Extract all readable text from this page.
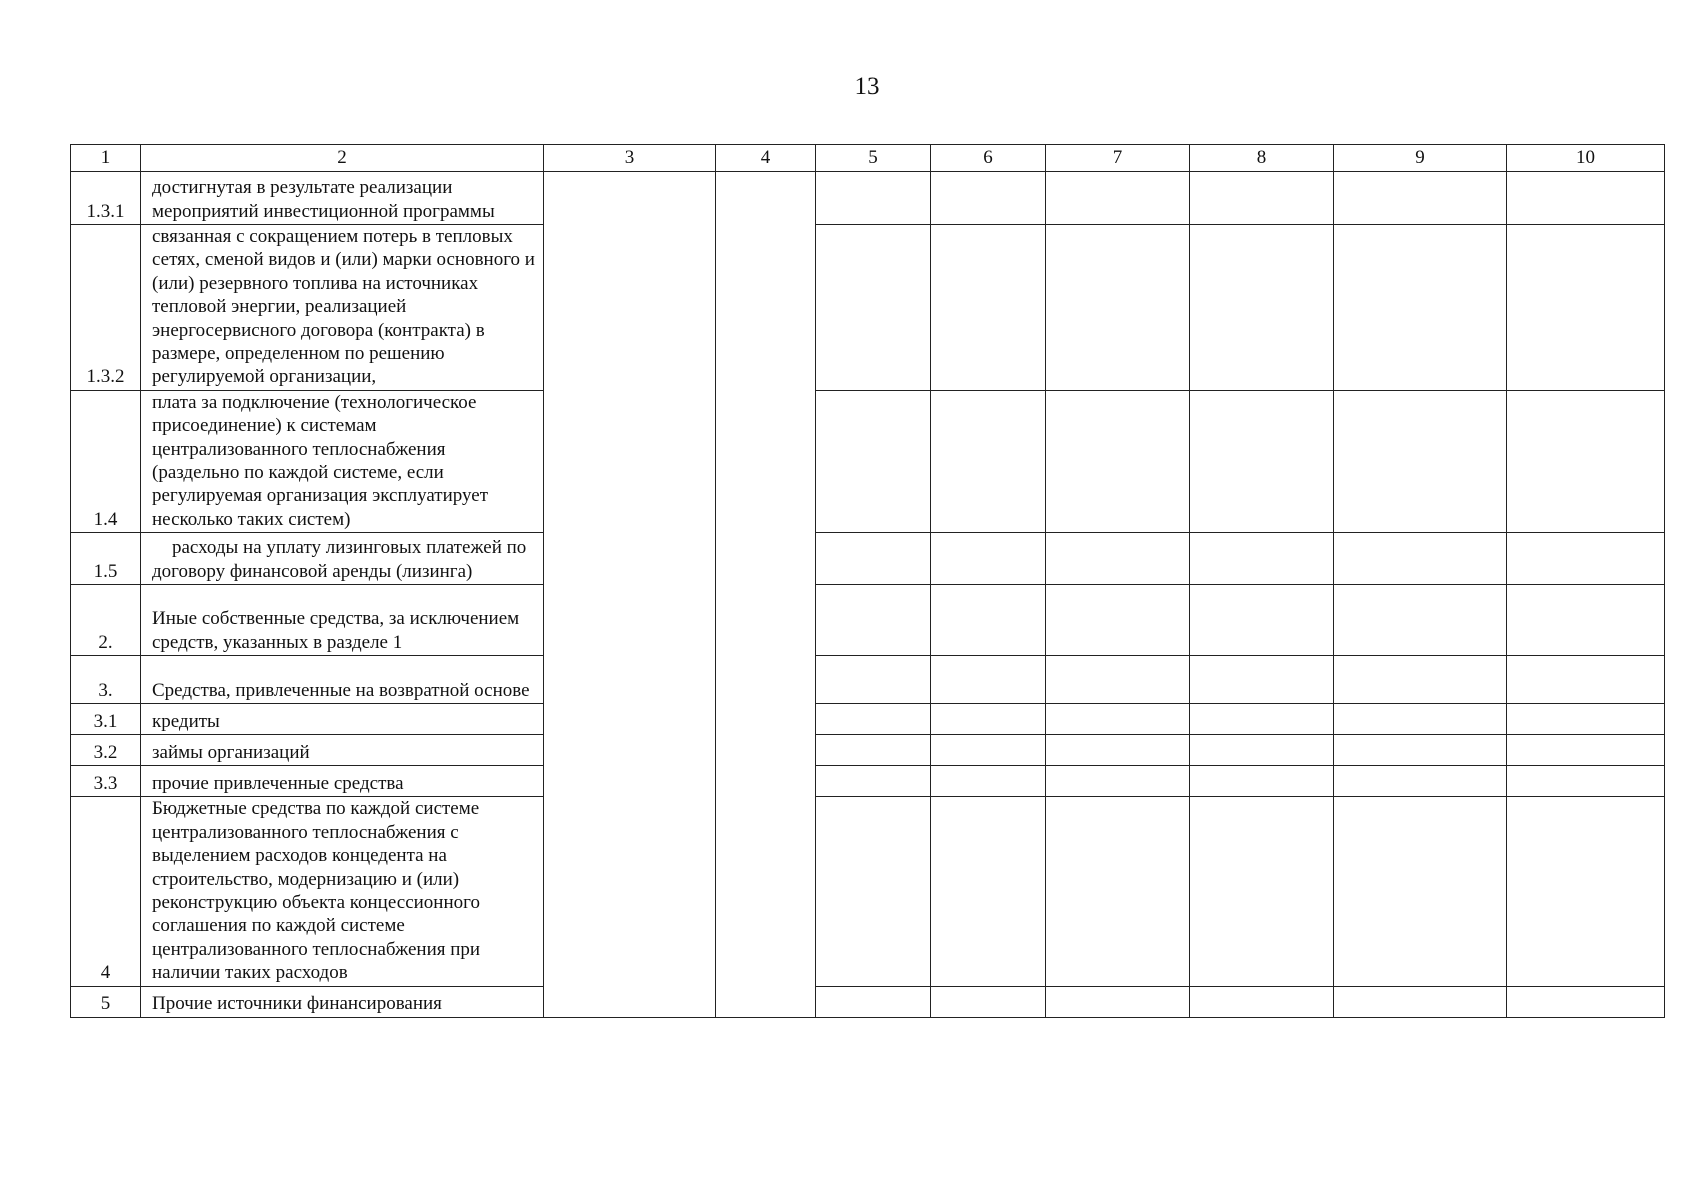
13
1	2	3	4	5	6	7	8	9	10
1.3.1	достигнутая в результате реализации мероприятий инвестиционной программы								
1.3.2	связанная с сокращением потерь в тепловых сетях, сменой видов и (или) марки основного и (или) резервного топлива на источниках тепловой энергии, реализацией энергосервисного договора (контракта) в размере, определенном по решению регулируемой организации,								
1.4	плата за подключение (технологическое присоединение) к системам централизованного теплоснабжения (раздельно по каждой системе, если регулируемая организация эксплуатирует несколько таких систем)								
1.5	расходы на уплату лизинговых платежей по договору финансовой аренды (лизинга)								
2.	Иные собственные средства, за исключением средств, указанных в разделе 1								
3.	Средства, привлеченные на возвратной основе								
3.1	кредиты								
3.2	займы организаций								
3.3	прочие привлеченные средства								
4	Бюджетные средства по каждой системе централизованного теплоснабжения с выделением расходов концедента на строительство, модернизацию и (или) реконструкцию объекта концессионного соглашения по каждой системе централизованного теплоснабжения при наличии таких расходов								
5	Прочие источники финансирования								
